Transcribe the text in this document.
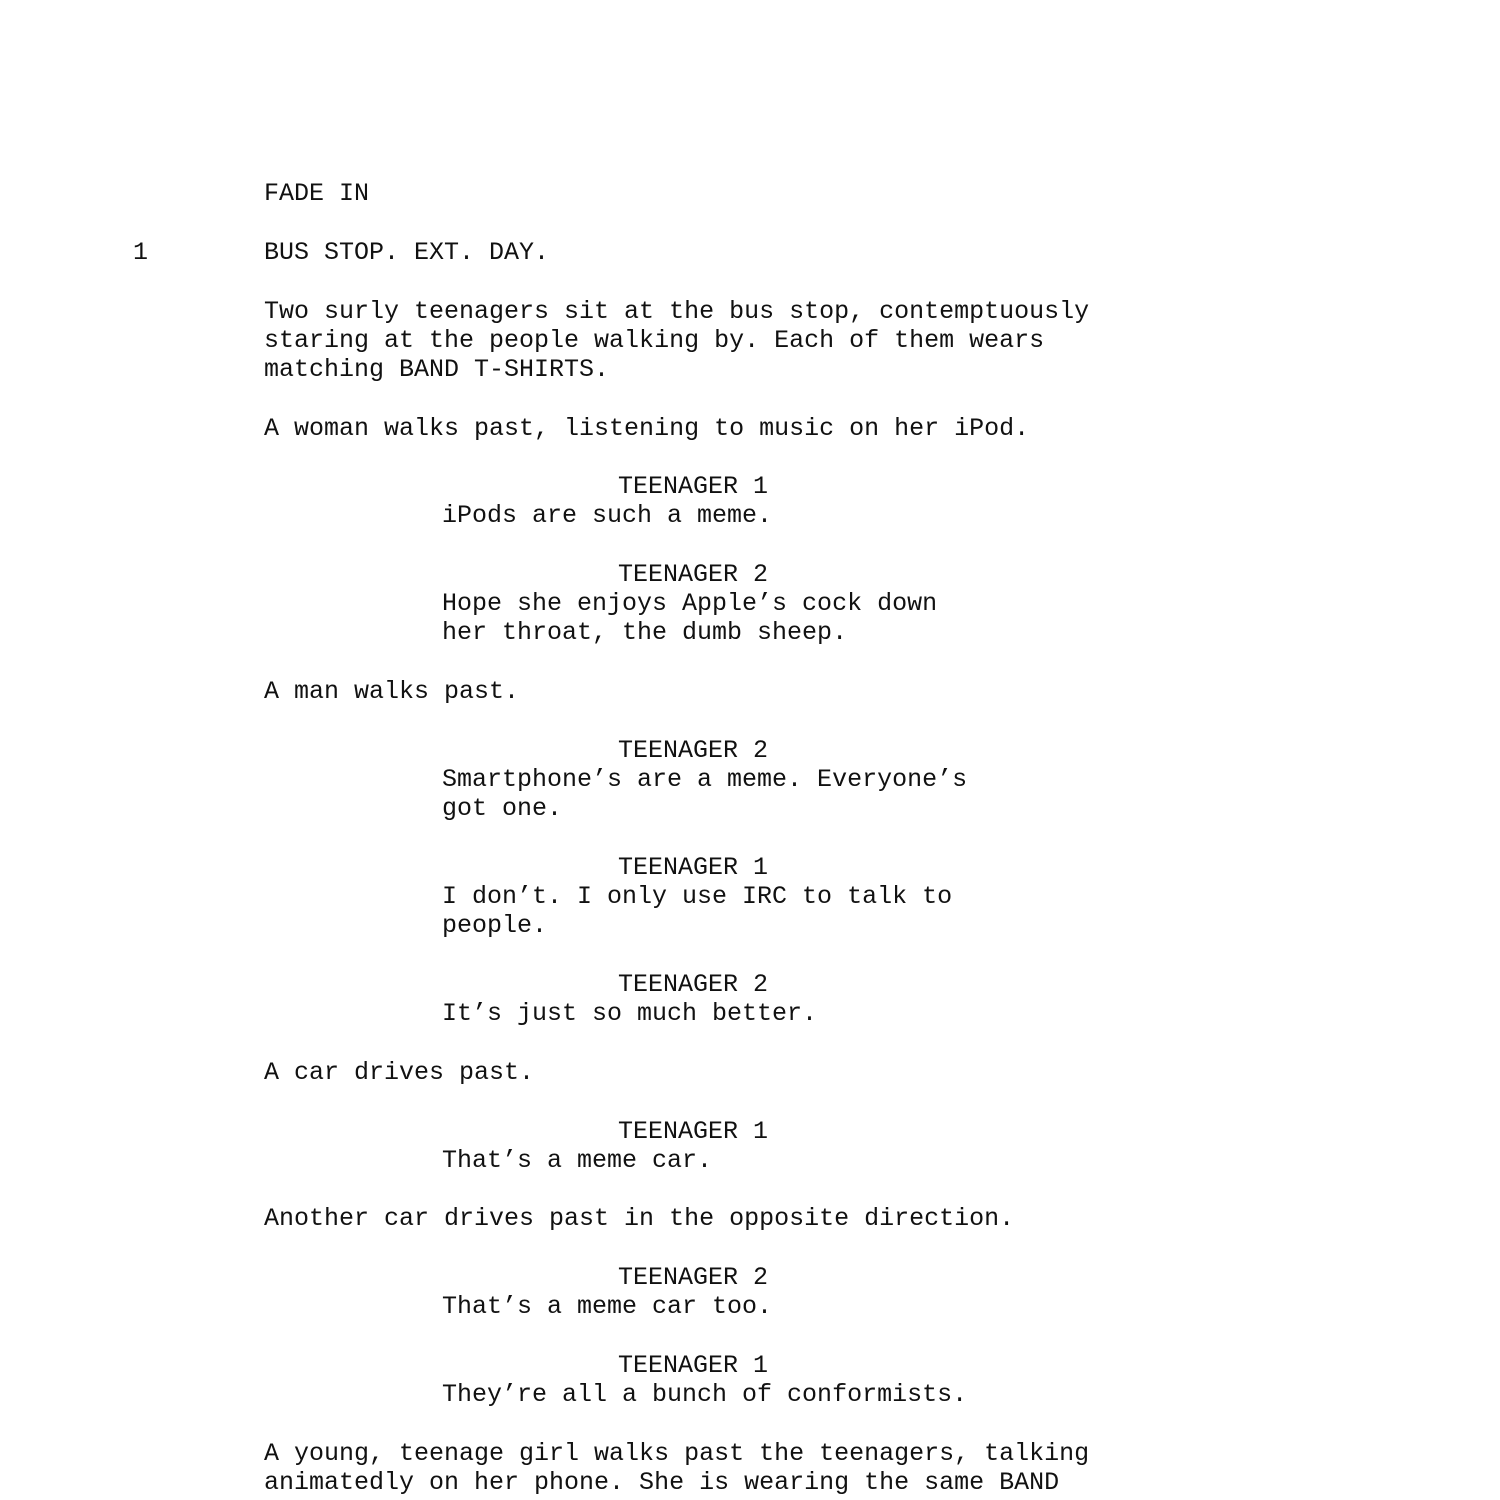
FADE IN

1	BUS STOP. EXT. DAY.

Two surly teenagers sit at the bus stop, contemptuously

staring at the people walking by. Each of them wears

matching BAND T-SHIRTS.

A woman walks past, listening to music on her iPod.

TEENAGER 1

iPods are such a meme.

TEENAGER 2

Hope she enjoys Apple’s cock down

her throat, the dumb sheep.

A man walks past.

TEENAGER 2

Smartphone’s are a meme. Everyone’s

got one.

TEENAGER 1

I don’t. I only use IRC to talk to

people.

TEENAGER 2

It’s just so much better.

A car drives past.

TEENAGER 1

That’s a meme car.

Another car drives past in the opposite direction.

TEENAGER 2

That’s a meme car too.

TEENAGER 1

They’re all a bunch of conformists.

A young, teenage girl walks past the teenagers, talking

animatedly on her phone. She is wearing the same BAND
